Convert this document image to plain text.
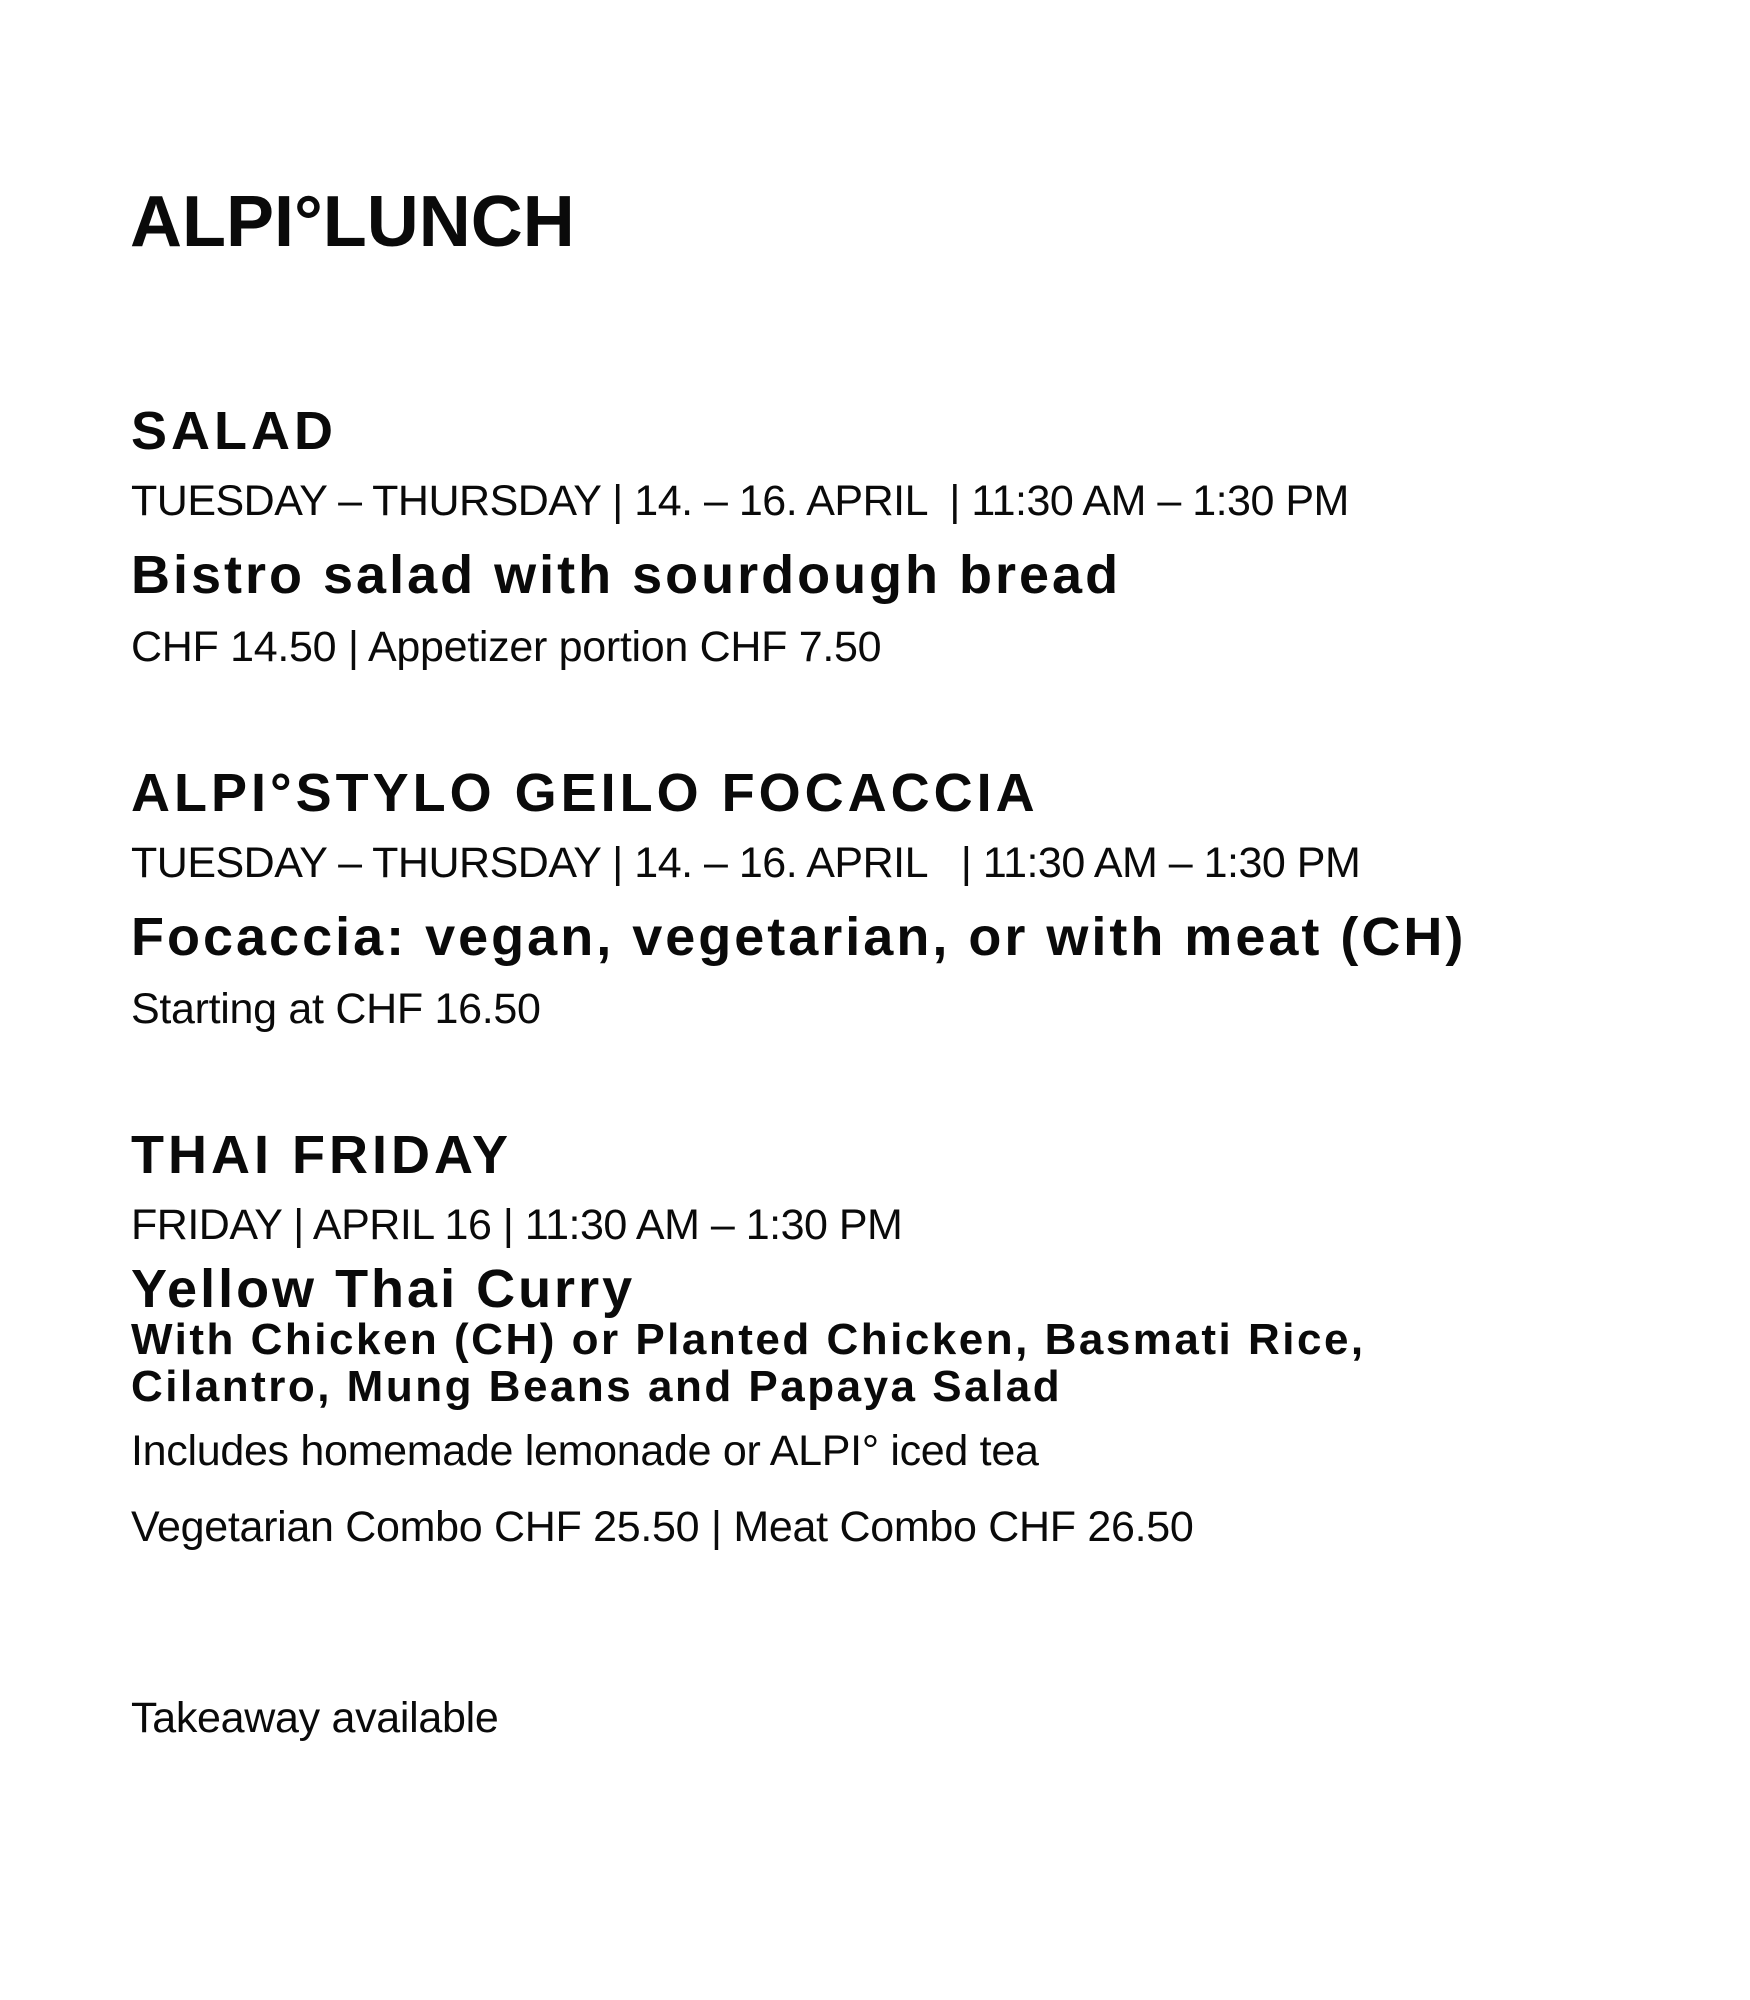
ALPI°LUNCH
SALAD
TUESDAY – THURSDAY | 14. – 16. APRIL  | 11:30 AM – 1:30 PM
Bistro salad with sourdough bread
CHF 14.50 | Appetizer portion CHF 7.50
ALPI°STYLO GEILO FOCACCIA
TUESDAY – THURSDAY | 14. – 16. APRIL   | 11:30 AM – 1:30 PM
Focaccia: vegan, vegetarian, or with meat (CH)
Starting at CHF 16.50
THAI FRIDAY
FRIDAY | APRIL 16 | 11:30 AM – 1:30 PM
Yellow Thai Curry
With Chicken (CH) or Planted Chicken, Basmati Rice,
Cilantro, Mung Beans and Papaya Salad
Includes homemade lemonade or ALPI° iced tea
Vegetarian Combo CHF 25.50 | Meat Combo CHF 26.50
Takeaway available
